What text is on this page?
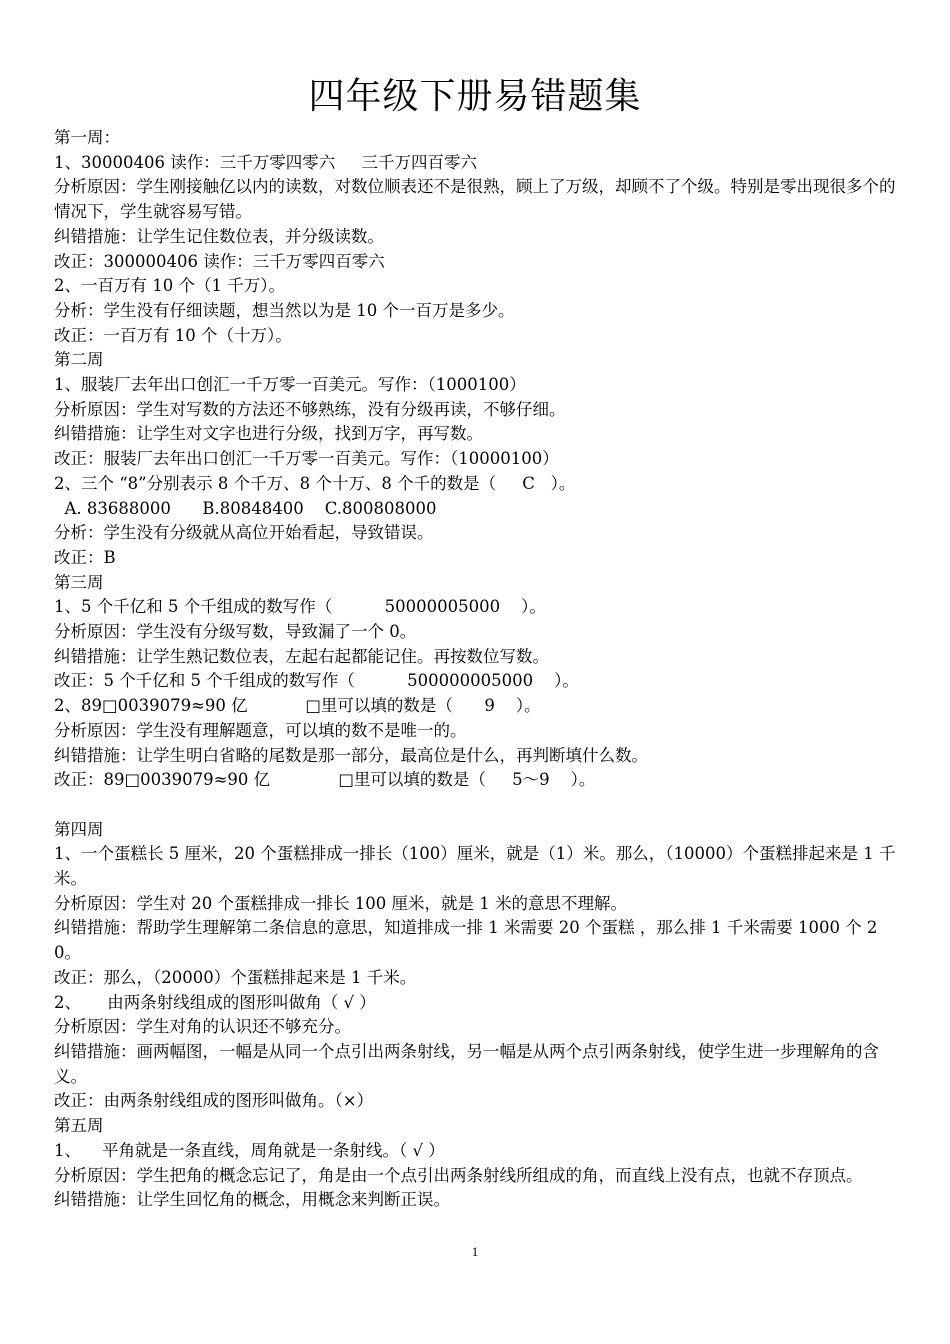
四年级下册易错题集

第一周：

1、30000406 读作：三千万零四零六     三千万四百零六

分析原因：学生刚接触亿以内的读数，对数位顺表还不是很熟，顾上了万级，却顾不了个级。特别是零出现很多个的情况下，学生就容易写错。

纠错措施：让学生记住数位表，并分级读数。

改正：300000406 读作：三千万零四百零六

2、一百万有 10 个（1 千万）。

分析：学生没有仔细读题，想当然以为是 10 个一百万是多少。

改正：一百万有 10 个（十万）。

第二周

1、服装厂去年出口创汇一千万零一百美元。写作：（1000100）

分析原因：学生对写数的方法还不够熟练，没有分级再读，不够仔细。

纠错措施：让学生对文字也进行分级，找到万字，再写数。

改正：服装厂去年出口创汇一千万零一百美元。写作：（10000100）

2、三个 “8”分别表示 8 个千万、8 个十万、8 个千的数是（     C   ）。

A. 83688000      B.80848400    C.800808000

分析：学生没有分级就从高位开始看起，导致错误。

改正：B

第三周

1、5 个千亿和 5 个千组成的数写作（          50000005000    ）。

分析原因：学生没有分级写数，导致漏了一个 0。

纠错措施：让学生熟记数位表，左起右起都能记住。再按数位写数。

改正：5 个千亿和 5 个千组成的数写作（          500000005000    ）。

2、89□0039079≈90 亿           □里可以填的数是（      9    ）。

分析原因：学生没有理解题意，可以填的数不是唯一的。

纠错措施：让学生明白省略的尾数是那一部分，最高位是什么，再判断填什么数。

改正：89□0039079≈90 亿             □里可以填的数是（     5～9    ）。

第四周

1、一个蛋糕长 5 厘米，20 个蛋糕排成一排长（100）厘米，就是（1）米。那么，（10000）个蛋糕排起来是 1 千米。

分析原因：学生对 20 个蛋糕排成一排长 100 厘米，就是 1 米的意思不理解。

纠错措施：帮助学生理解第二条信息的意思，知道排成一排 1 米需要 20 个蛋糕 ，那么排 1 千米需要 1000 个 20。

改正：那么，（20000）个蛋糕排起来是 1 千米。

2、     由两条射线组成的图形叫做角（ √ ）

分析原因：学生对角的认识还不够充分。

纠错措施：画两幅图，一幅是从同一个点引出两条射线，另一幅是从两个点引两条射线，使学生进一步理解角的含义。

改正：由两条射线组成的图形叫做角。（×）

第五周

1、    平角就是一条直线，周角就是一条射线。（ √ ）

分析原因：学生把角的概念忘记了，角是由一个点引出两条射线所组成的角，而直线上没有点，也就不存顶点。

纠错措施：让学生回忆角的概念，用概念来判断正误。

1
